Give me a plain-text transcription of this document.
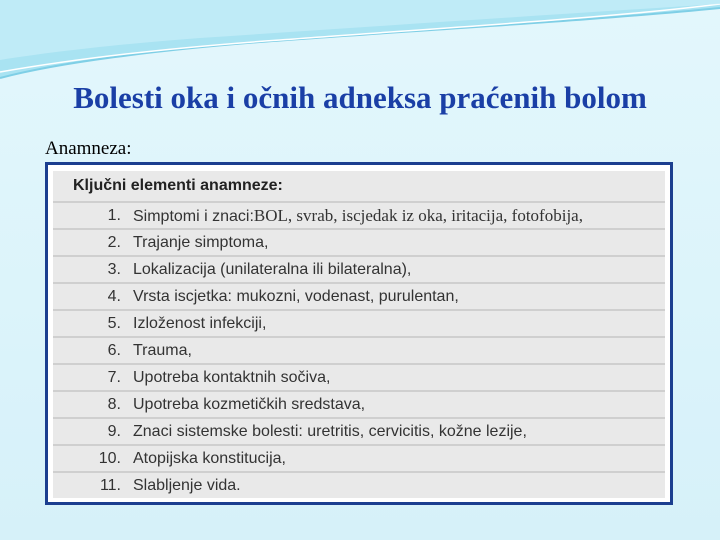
Bolesti oka i očnih adneksa praćenih bolom
Anamneza:
Ključni elementi anamneze:
1. Simptomi i znaci:BOL, svrab, iscjedak iz oka, iritacija, fotofobija,
2. Trajanje simptoma,
3. Lokalizacija (unilateralna ili bilateralna),
4. Vrsta iscjetka: mukozni, vodenast, purulentan,
5. Izloženost infekciji,
6. Trauma,
7. Upotreba kontaktnih sočiva,
8. Upotreba kozmetičkih sredstava,
9. Znaci sistemske bolesti: uretritis, cervicitis, kožne lezije,
10. Atopijska konstitucija,
11. Slabljenje vida.
